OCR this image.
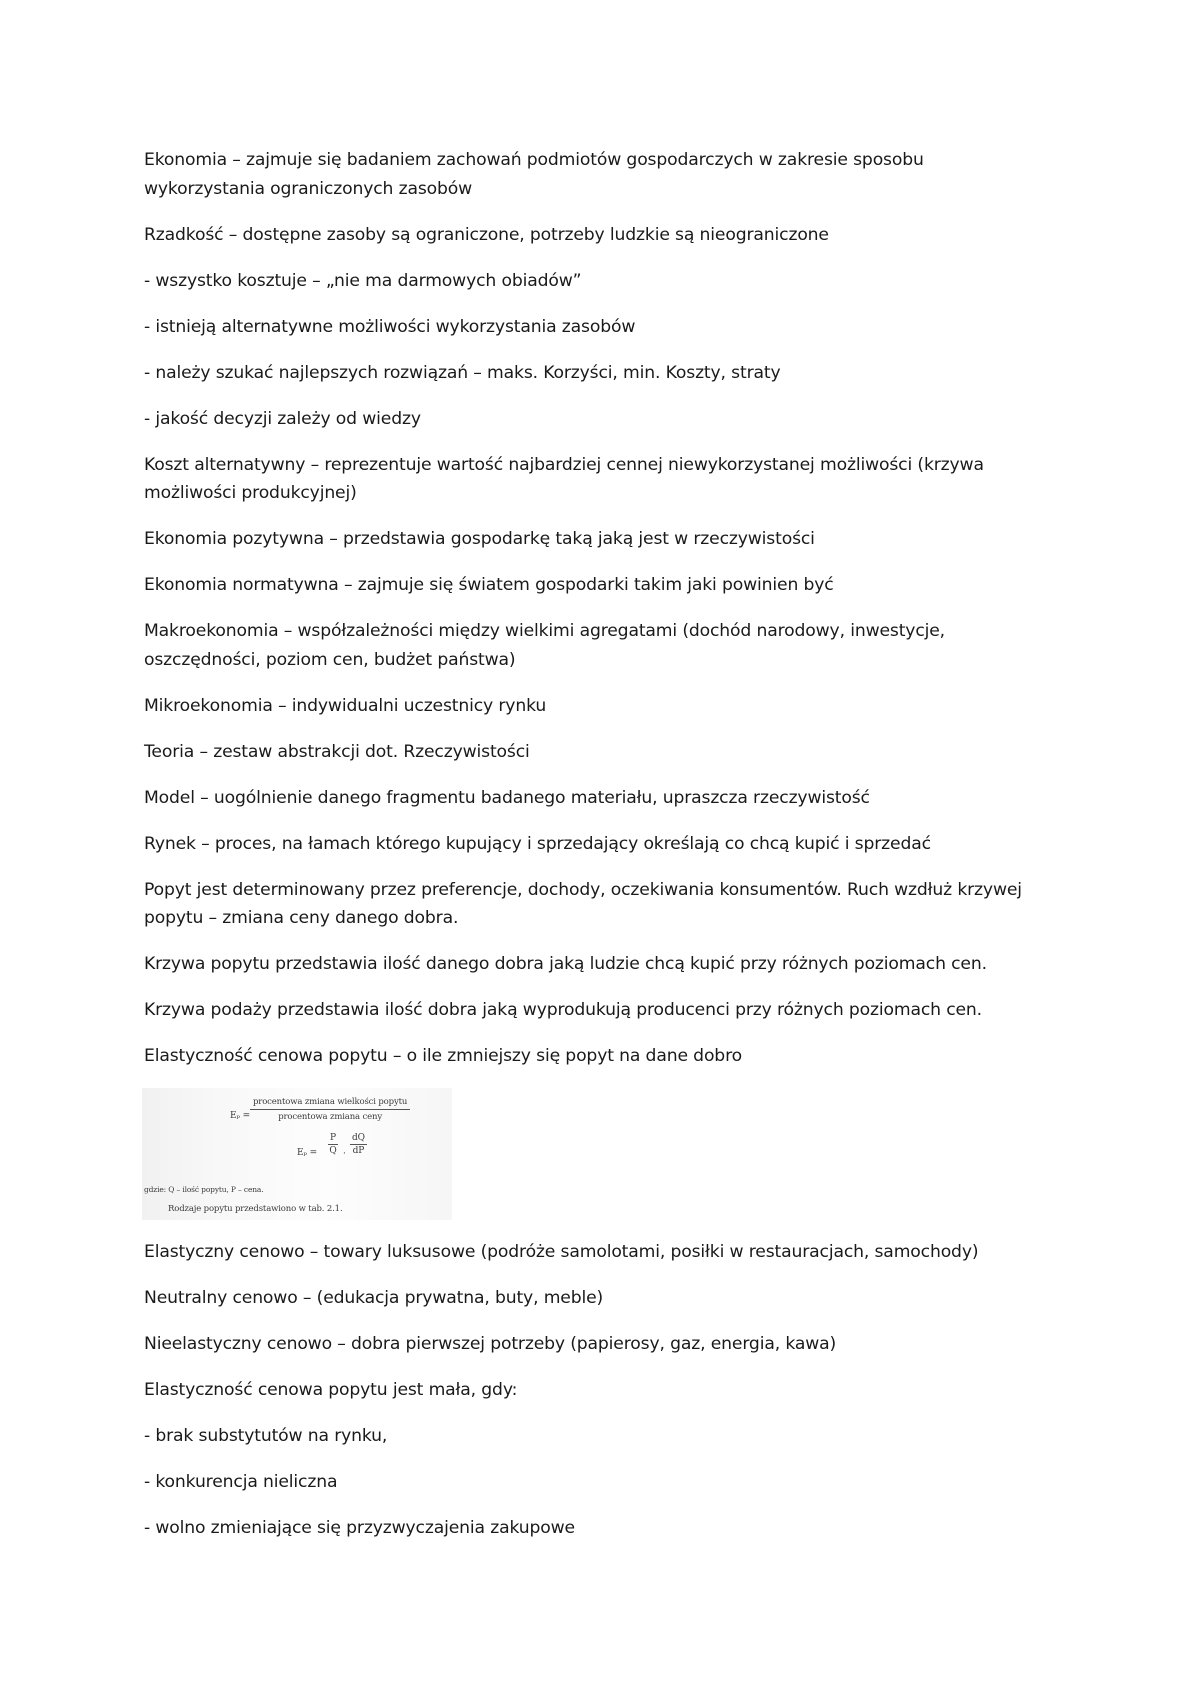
Ekonomia – zajmuje się badaniem zachowań podmiotów gospodarczych w zakresie sposobu wykorzystania ograniczonych zasobów

Rzadkość – dostępne zasoby są ograniczone, potrzeby ludzkie są nieograniczone

- wszystko kosztuje – „nie ma darmowych obiadów”

- istnieją alternatywne możliwości wykorzystania zasobów

- należy szukać najlepszych rozwiązań – maks. Korzyści, min. Koszty, straty

- jakość decyzji zależy od wiedzy

Koszt alternatywny – reprezentuje wartość najbardziej cennej niewykorzystanej możliwości (krzywa możliwości produkcyjnej)

Ekonomia pozytywna – przedstawia gospodarkę taką jaką jest w rzeczywistości

Ekonomia normatywna – zajmuje się światem gospodarki takim jaki powinien być

Makroekonomia – współzależności między wielkimi agregatami (dochód narodowy, inwestycje, oszczędności, poziom cen, budżet państwa)

Mikroekonomia – indywidualni uczestnicy rynku

Teoria – zestaw abstrakcji dot. Rzeczywistości

Model – uogólnienie danego fragmentu badanego materiału, upraszcza rzeczywistość

Rynek – proces, na łamach którego kupujący i sprzedający określają co chcą kupić i sprzedać

Popyt jest determinowany przez preferencje, dochody, oczekiwania konsumentów. Ruch wzdłuż krzywej popytu – zmiana ceny danego dobra.

Krzywa popytu przedstawia ilość danego dobra jaką ludzie chcą kupić przy różnych poziomach cen.

Krzywa podaży przedstawia ilość dobra jaką wyprodukują producenci przy różnych poziomach cen.

Elastyczność cenowa popytu – o ile zmniejszy się popyt na dane dobro

Eₚ =
procentowa zmiana wielkości popytu
procentowa zmiana ceny
$E_p = \frac{P}{Q} \cdot \frac{dQ}{dP}$
gdzie: Q – ilość popytu, P – cena.
Rodzaje popytu przedstawiono w tab. 2.1.

Elastyczny cenowo – towary luksusowe (podróże samolotami, posiłki w restauracjach, samochody)

Neutralny cenowo – (edukacja prywatna, buty, meble)

Nieelastyczny cenowo – dobra pierwszej potrzeby (papierosy, gaz, energia, kawa)

Elastyczność cenowa popytu jest mała, gdy:

- brak substytutów na rynku,

- konkurencja nieliczna

- wolno zmieniające się przyzwyczajenia zakupowe
